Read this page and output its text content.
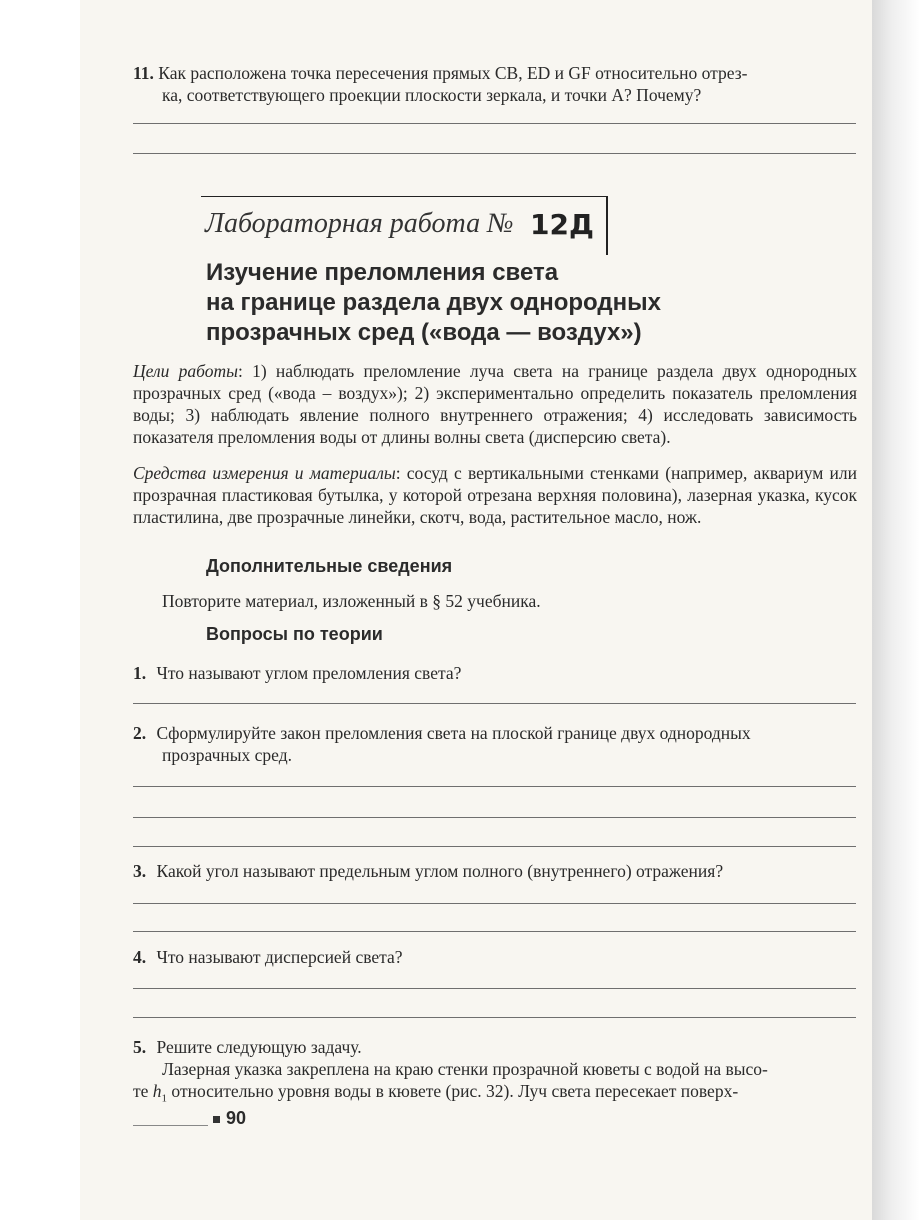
11. Как расположена точка пересечения прямых CB, ED и GF относительно отрез-
ка, соответствующего проекции плоскости зеркала, и точки A? Почему?
Лабораторная работа № 12Д
Изучение преломления света
на границе раздела двух однородных
прозрачных сред («вода — воздух»)
Цели работы: 1) наблюдать преломление луча света на границе раздела двух однородных прозрачных сред («вода – воздух»); 2) экспериментально определить показатель преломления воды; 3) наблюдать явление полного внутреннего отражения; 4) исследовать зависимость показателя преломления воды от длины волны света (дисперсию света).
Средства измерения и материалы: сосуд с вертикальными стенками (например, аквариум или прозрачная пластиковая бутылка, у которой отрезана верхняя половина), лазерная указка, кусок пластилина, две прозрачные линейки, скотч, вода, растительное масло, нож.
Дополнительные сведения
Повторите материал, изложенный в § 52 учебника.
Вопросы по теории
1. Что называют углом преломления света?
2. Сформулируйте закон преломления света на плоской границе двух однородных
прозрачных сред.
3. Какой угол называют предельным углом полного (внутреннего) отражения?
4. Что называют дисперсией света?
5. Решите следующую задачу.
Лазерная указка закреплена на краю стенки прозрачной кюветы с водой на высо-
те $h_1$ относительно уровня воды в кювете (рис. 32). Луч света пересекает поверх-
90
